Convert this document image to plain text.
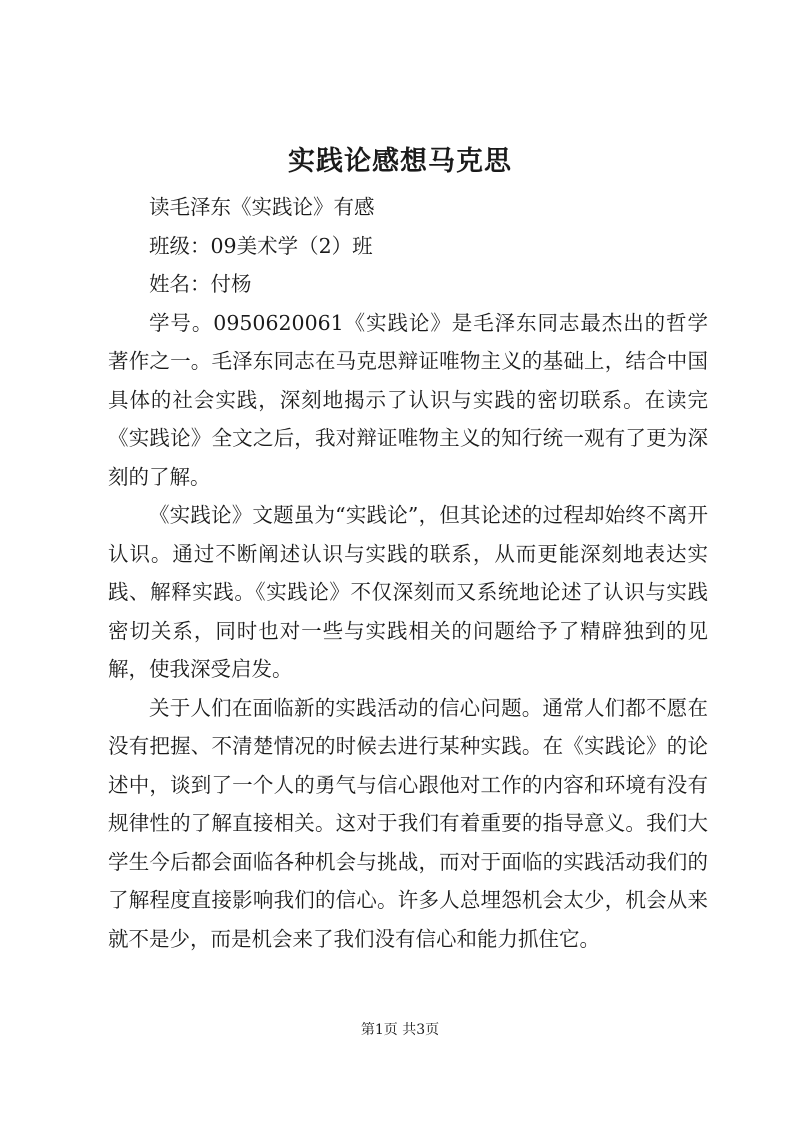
实践论感想马克思

读毛泽东《实践论》有感

班级：09美术学（2）班

姓名：付杨

学号。0950620061《实践论》是毛泽东同志最杰出的哲学著作之一。毛泽东同志在马克思辩证唯物主义的基础上，结合中国具体的社会实践，深刻地揭示了认识与实践的密切联系。在读完《实践论》全文之后，我对辩证唯物主义的知行统一观有了更为深刻的了解。

《实践论》文题虽为“实践论”，但其论述的过程却始终不离开认识。通过不断阐述认识与实践的联系，从而更能深刻地表达实践、解释实践。《实践论》不仅深刻而又系统地论述了认识与实践密切关系，同时也对一些与实践相关的问题给予了精辟独到的见解，使我深受启发。

关于人们在面临新的实践活动的信心问题。通常人们都不愿在没有把握、不清楚情况的时候去进行某种实践。在《实践论》的论述中，谈到了一个人的勇气与信心跟他对工作的内容和环境有没有规律性的了解直接相关。这对于我们有着重要的指导意义。我们大学生今后都会面临各种机会与挑战，而对于面临的实践活动我们的了解程度直接影响我们的信心。许多人总埋怨机会太少，机会从来就不是少，而是机会来了我们没有信心和能力抓住它。

第1页 共3页
